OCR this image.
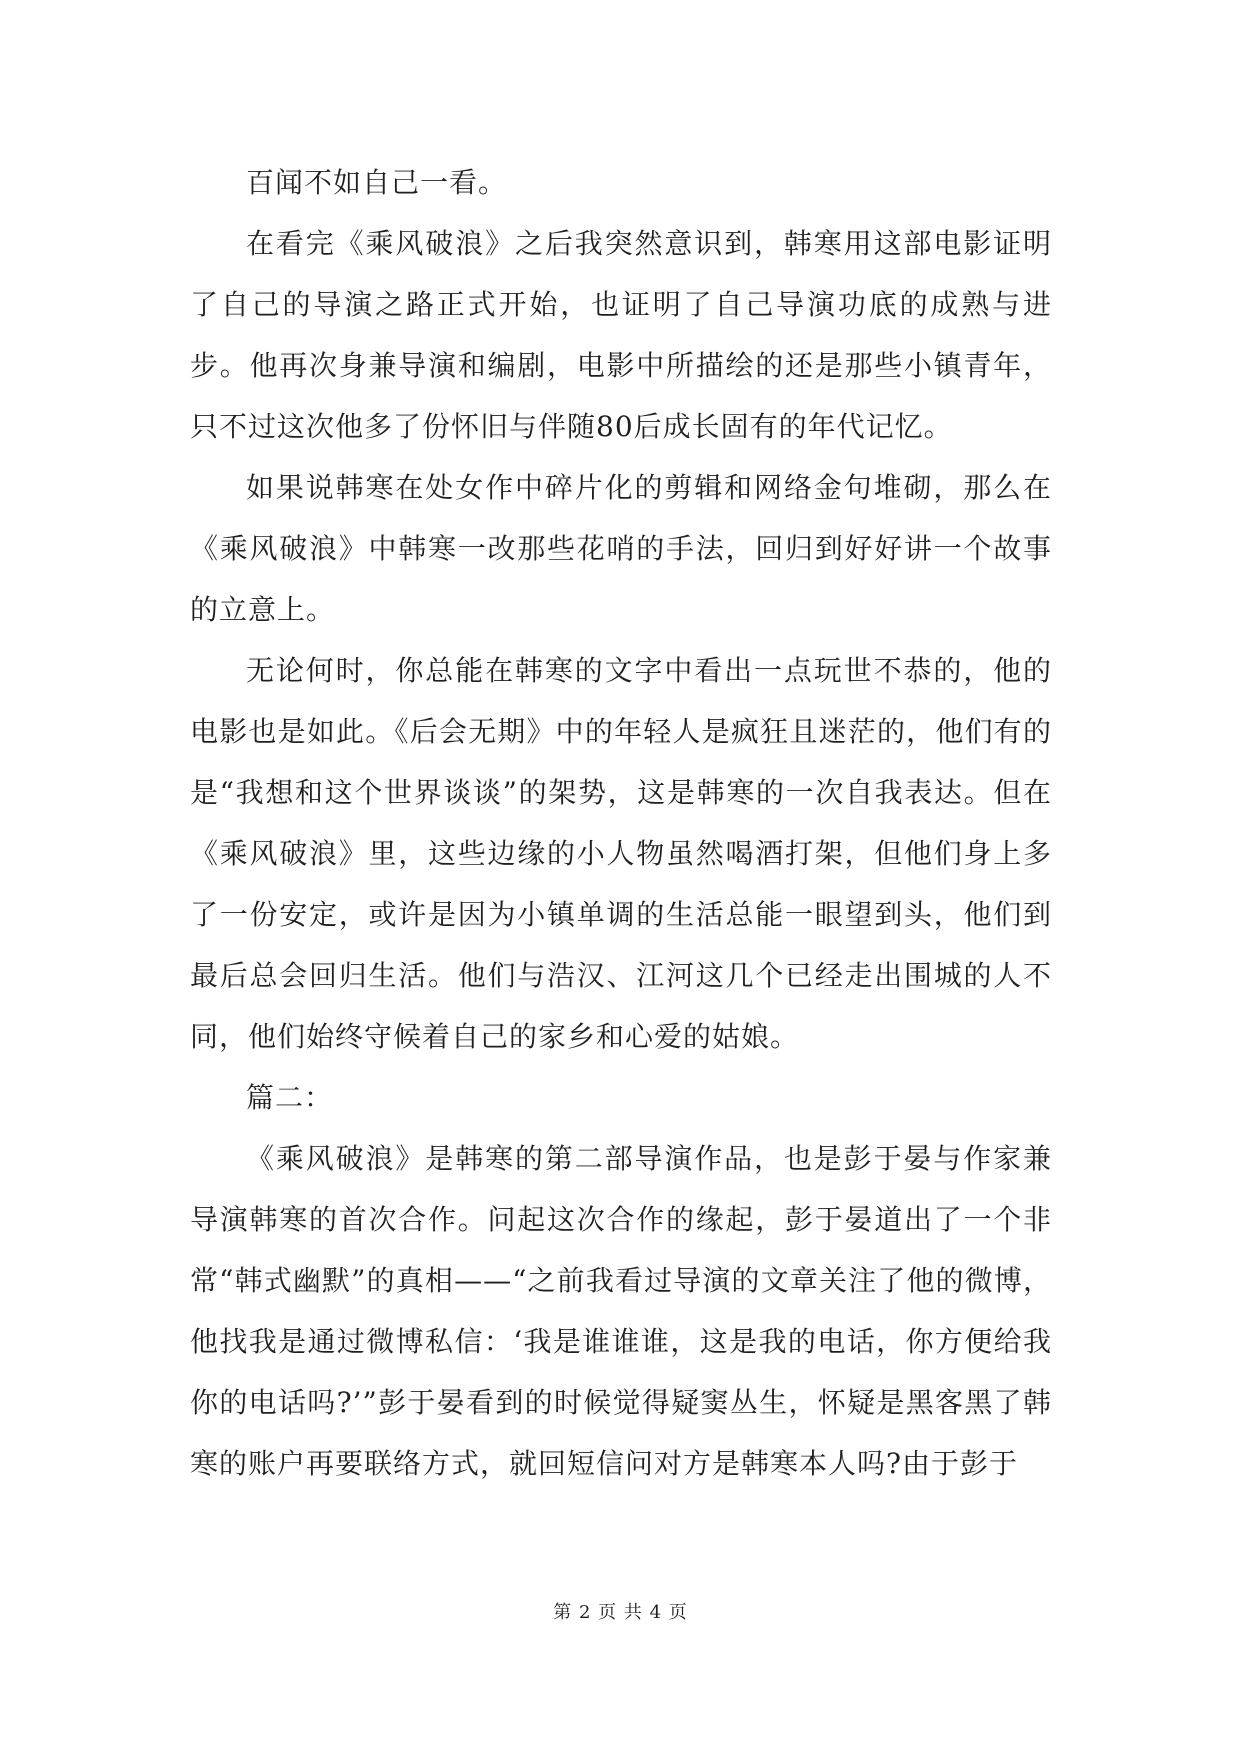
百闻不如自己一看。

在看完《乘风破浪》之后我突然意识到，韩寒用这部电影证明了自己的导演之路正式开始，也证明了自己导演功底的成熟与进步。他再次身兼导演和编剧，电影中所描绘的还是那些小镇青年，只不过这次他多了份怀旧与伴随80后成长固有的年代记忆。

如果说韩寒在处女作中碎片化的剪辑和网络金句堆砌，那么在《乘风破浪》中韩寒一改那些花哨的手法，回归到好好讲一个故事的立意上。

无论何时，你总能在韩寒的文字中看出一点玩世不恭的，他的电影也是如此。《后会无期》中的年轻人是疯狂且迷茫的，他们有的是“我想和这个世界谈谈”的架势，这是韩寒的一次自我表达。但在《乘风破浪》里，这些边缘的小人物虽然喝酒打架，但他们身上多了一份安定，或许是因为小镇单调的生活总能一眼望到头，他们到最后总会回归生活。他们与浩汉、江河这几个已经走出围城的人不同，他们始终守候着自己的家乡和心爱的姑娘。

篇二：

《乘风破浪》是韩寒的第二部导演作品，也是彭于晏与作家兼导演韩寒的首次合作。问起这次合作的缘起，彭于晏道出了一个非常“韩式幽默”的真相——“之前我看过导演的文章关注了他的微博，他找我是通过微博私信：‘我是谁谁谁，这是我的电话，你方便给我你的电话吗?’”彭于晏看到的时候觉得疑窦丛生，怀疑是黑客黑了韩寒的账户再要联络方式，就回短信问对方是韩寒本人吗?由于彭于

第 2 页 共 4 页
